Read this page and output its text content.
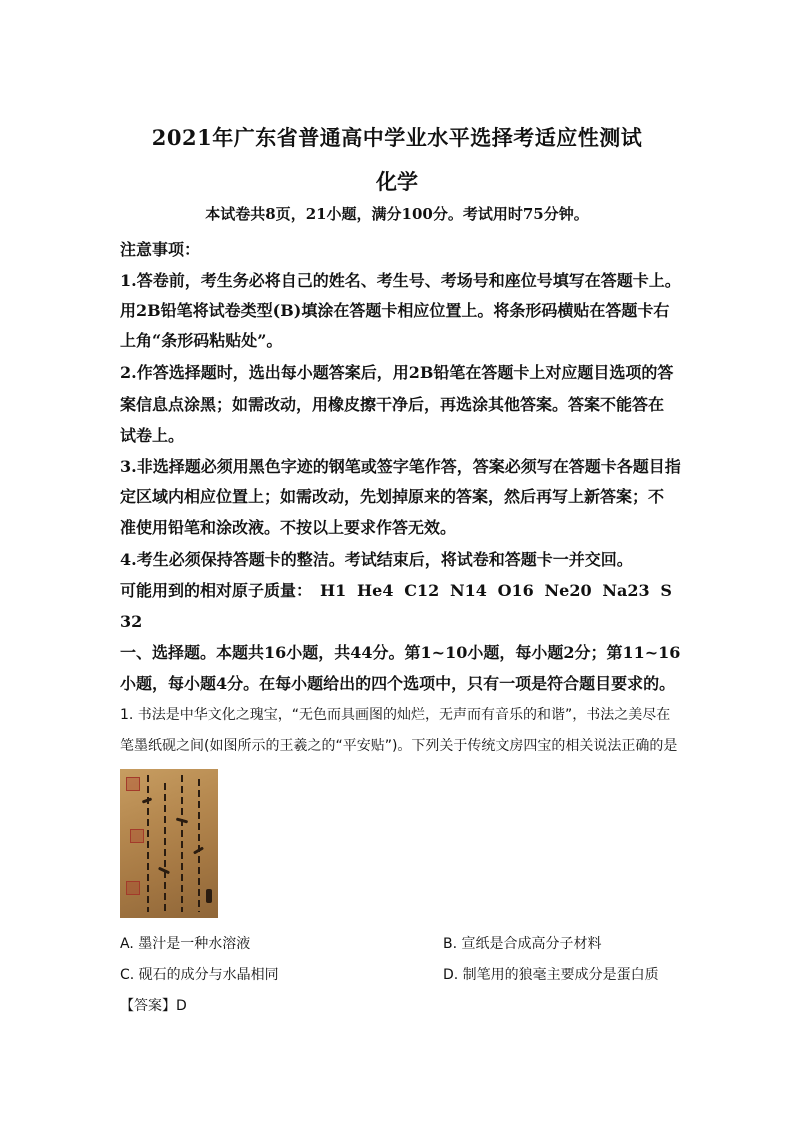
2021年广东省普通高中学业水平选择考适应性测试
化学
本试卷共8页，21小题，满分100分。考试用时75分钟。
注意事项：
1.答卷前，考生务必将自己的姓名、考生号、考场号和座位号填写在答题卡上。
用2B铅笔将试卷类型(B)填涂在答题卡相应位置上。将条形码横贴在答题卡右
上角“条形码粘贴处”。
2.作答选择题时，选出每小题答案后，用2B铅笔在答题卡上对应题目选项的答
案信息点涂黑；如需改动，用橡皮擦干净后，再选涂其他答案。答案不能答在
试卷上。
3.非选择题必须用黑色字迹的钢笔或签字笔作答，答案必须写在答题卡各题目指
定区域内相应位置上；如需改动，先划掉原来的答案，然后再写上新答案；不
准使用铅笔和涂改液。不按以上要求作答无效。
4.考生必须保持答题卡的整洁。考试结束后，将试卷和答题卡一并交回。
可能用到的相对原子质量： H1 He4 C12 N14 O16 Ne20 Na23 S
32
一、选择题。本题共16小题，共44分。第1~10小题，每小题2分；第11~16
小题，每小题4分。在每小题给出的四个选项中，只有一项是符合题目要求的。
1. 书法是中华文化之瑰宝，“无色而具画图的灿烂，无声而有音乐的和谐”，书法之美尽在
笔墨纸砚之间(如图所示的王羲之的“平安贴”)。下列关于传统文房四宝的相关说法正确的是
A. 墨汁是一种水溶液	B. 宣纸是合成高分子材料
C. 砚石的成分与水晶相同	D. 制笔用的狼毫主要成分是蛋白质
【答案】D
